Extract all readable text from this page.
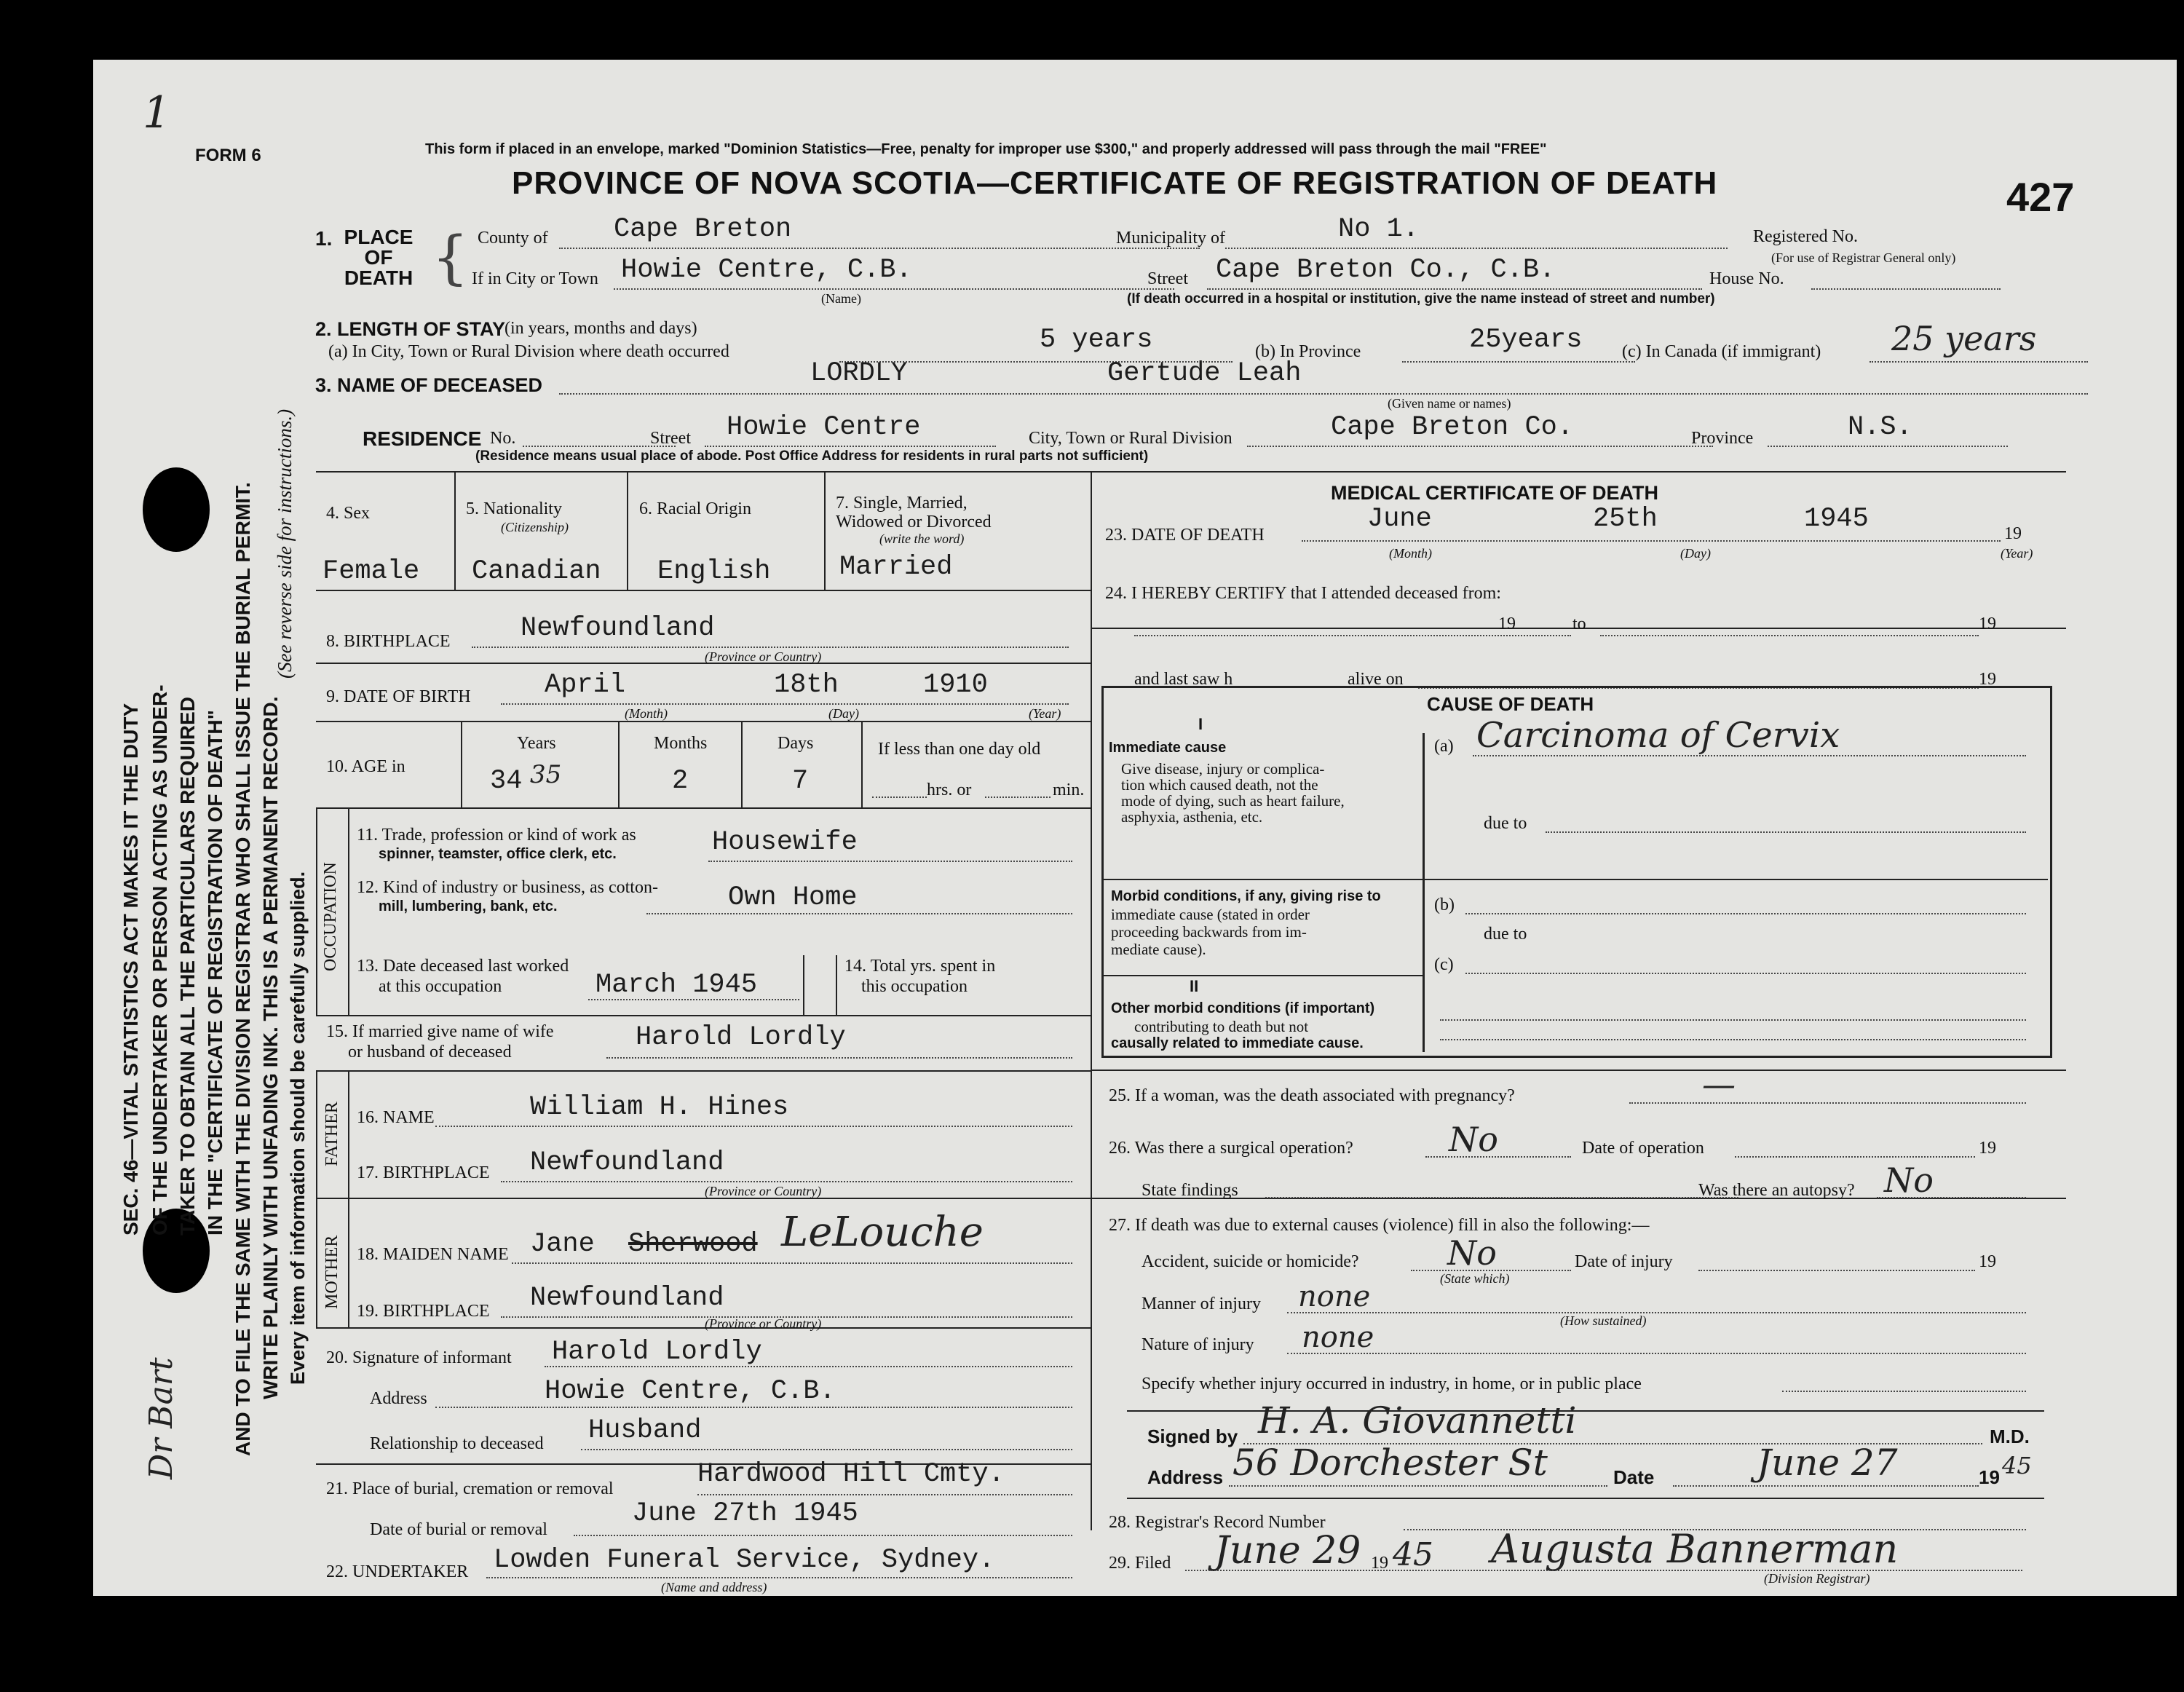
1
Dr Bart
SEC. 46—VITAL STATISTICS ACT MAKES IT THE DUTY OF THE UNDERTAKER OR PERSON ACTING AS UNDER- TAKER TO OBTAIN ALL THE PARTICULARS REQUIRED IN THE "CERTIFICATE OF REGISTRATION OF DEATH" AND TO FILE THE SAME WITH THE DIVISION REGISTRAR WHO SHALL ISSUE THE BURIAL PERMIT. WRITE PLAINLY WITH UNFADING INK. THIS IS A PERMANENT RECORD. Every item of information should be carefully supplied.
(See reverse side for instructions.)
FORM 6	This form if placed in an envelope, marked "Dominion Statistics—Free, penalty for improper use $300," and properly addressed will pass through the mail "FREE"
PROVINCE OF NOVA SCOTIA—CERTIFICATE OF REGISTRATION OF DEATH	427
1. PLACE OF DEATH { County of Cape Breton	Municipality of	No 1.	Registered No.
(For use of Registrar General only)
If in City or Town Howie Centre, C.B.
(Name)
Street Cape Breton Co., C.B.	House No.
(If death occurred in a hospital or institution, give the name instead of street and number)
2. LENGTH OF STAY
(in years, months and days)
(a) In City, Town or Rural Division where death occurred	5 years	(b) In Province	25years (c) In Canada (if immigrant) 25 years
3. NAME OF DECEASED	LORDLY	Gertude Leah
(Given name or names)
RESIDENCE No.	Street Howie Centre	City, Town or Rural Division	Cape Breton Co.	Province	N.S.
(Residence means usual place of abode. Post Office Address for residents in rural parts not sufficient)
4. Sex
Female
5. Nationality
(Citizenship)
Canadian
6. Racial Origin
English
7. Single, Married,
Widowed or Divorced
(write the word)
Married
8. BIRTHPLACE	Newfoundland
(Province or Country)
9. DATE OF BIRTH	April	18th	1910
(Month)	(Day)	(Year)
10. AGE in
Years
34 35
Months
2
Days
7
If less than one day old
hrs. or	min.
OCCUPATION
11. Trade, profession or kind of work as
spinner, teamster, office clerk, etc.	Housewife
12. Kind of industry or business, as cotton-
mill, lumbering, bank, etc.	Own Home
13. Date deceased last worked
at this occupation	March 1945
14. Total yrs. spent in
this occupation
15. If married give name of wife
or husband of deceased	Harold Lordly
FATHER 16. NAME	William H. Hines
17. BIRTHPLACE Newfoundland
(Province or Country)
MOTHER 18. MAIDEN NAME Jane Sherwood LeLouche
19. BIRTHPLACE Newfoundland
(Province or Country)
20. Signature of informant Harold Lordly
Address	Howie Centre, C.B.
Relationship to deceased Husband
21. Place of burial, cremation or removal	Hardwood Hill Cmty.
Date of burial or removal
June 27th 1945
22. UNDERTAKER Lowden Funeral Service, Sydney.
(Name and address)
MEDICAL CERTIFICATE OF DEATH
23. DATE OF DEATH
June	25th	1945	19
(Month)	(Day)	(Year)
24. I HEREBY CERTIFY that I attended deceased from:
19	to	19
and last saw h	alive on	19
CAUSE OF DEATH
I
Immediate cause
Give disease, injury or complica-
tion which caused death, not the
mode of dying, such as heart failure,
asphyxia, asthenia, etc.
(a) Carcinoma of Cervix
due to
Morbid conditions, if any, giving rise to
immediate cause (stated in order
proceeding backwards from im-
mediate cause).
(b)
due to
(c)
II
Other morbid conditions (if important)
contributing to death but not
causally related to immediate cause.
25. If a woman, was the death associated with pregnancy?	—
26. Was there a surgical operation?	No	Date of operation	19
State findings	Was there an autopsy? No
27. If death was due to external causes (violence) fill in also the following:—
Accident, suicide or homicide?	No
(State which)
Date of injury	19
Manner of injury none
(How sustained)
Nature of injury none
Specify whether injury occurred in industry, in home, or in public place
Signed by H. A. Giovannetti	M.D.
Address 56 Dorchester St	Date	June 27	19 45
28. Registrar's Record Number
29. Filed June 29 19 45 Augusta Bannerman
(Division Registrar)
